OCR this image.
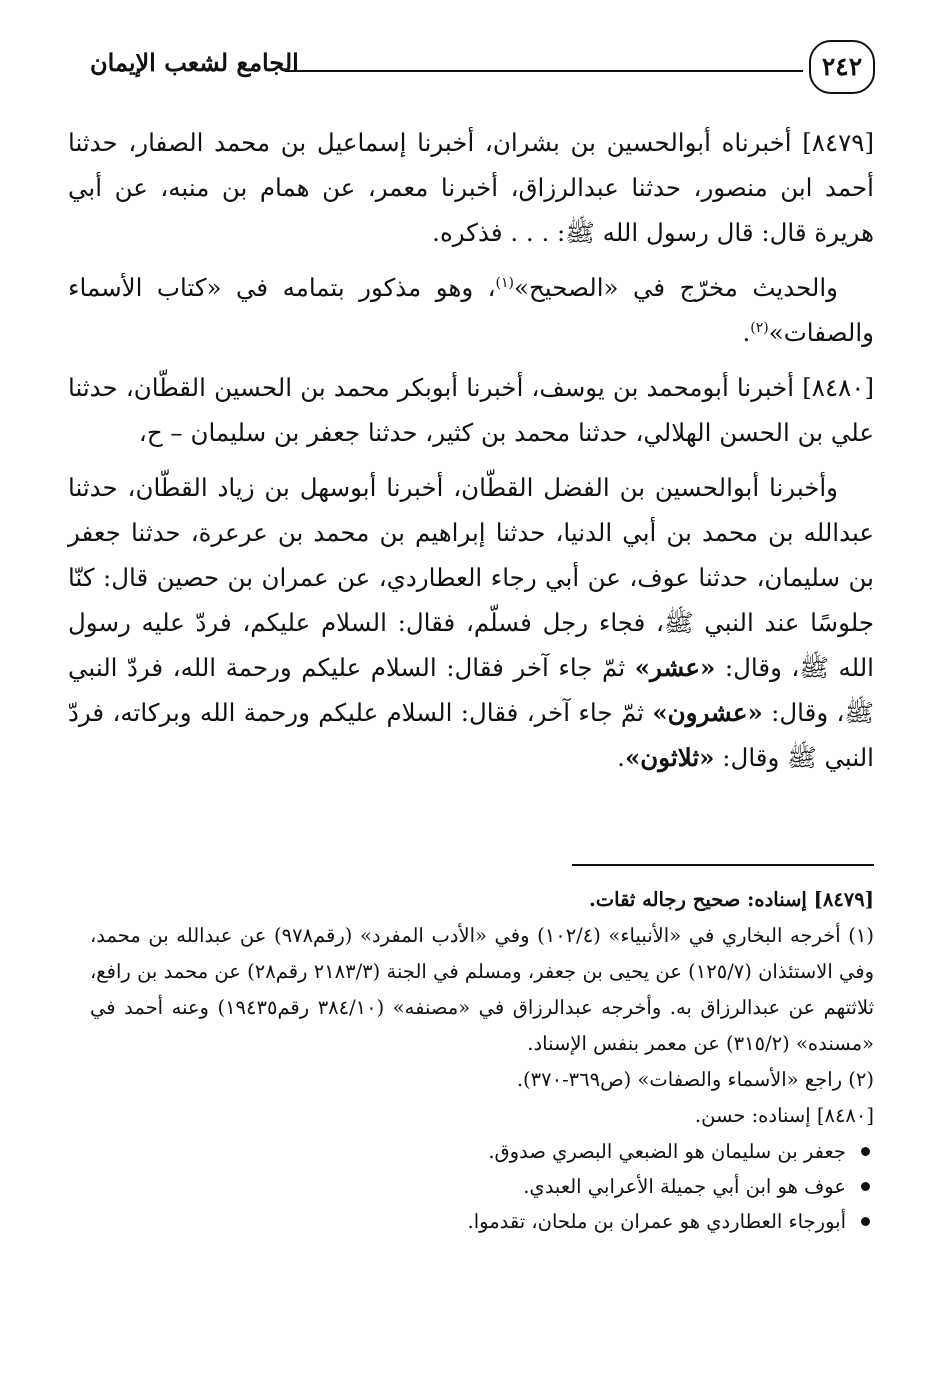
الجامع لشعب الإيمان	٢٤٢

[٨٤٧٩] أخبرناه أبوالحسين بن بشران، أخبرنا إسماعيل بن محمد الصفار، حدثنا أحمد ابن منصور، حدثنا عبدالرزاق، أخبرنا معمر، عن همام بن منبه، عن أبي هريرة قال: قال رسول الله ﷺ: . . . فذكره.

والحديث مخرّج في «الصحيح»$^{(١)}$، وهو مذكور بتمامه في «كتاب الأسماء والصفات»$^{(٢)}$.

[٨٤٨٠] أخبرنا أبومحمد بن يوسف، أخبرنا أبوبكر محمد بن الحسين القطّان، حدثنا علي بن الحسن الهلالي، حدثنا محمد بن كثير، حدثنا جعفر بن سليمان – ح،

وأخبرنا أبوالحسين بن الفضل القطّان، أخبرنا أبوسهل بن زياد القطّان، حدثنا عبدالله بن محمد بن أبي الدنيا، حدثنا إبراهيم بن محمد بن عرعرة، حدثنا جعفر بن سليمان، حدثنا عوف، عن أبي رجاء العطاردي، عن عمران بن حصين قال: كنّا جلوسًا عند النبي ﷺ، فجاء رجل فسلّم، فقال: السلام عليكم، فردّ عليه رسول الله ﷺ، وقال: «عشر» ثمّ جاء آخر فقال: السلام عليكم ورحمة الله، فردّ النبي ﷺ، وقال: «عشرون» ثمّ جاء آخر، فقال: السلام عليكم ورحمة الله وبركاته، فردّ النبي ﷺ وقال: «ثلاثون».

[٨٤٧٩] إسناده: صحيح رجاله ثقات.

(١) أخرجه البخاري في «الأنبياء» (١٠٢/٤) وفي «الأدب المفرد» (رقم٩٧٨) عن عبدالله بن محمد، وفي الاستئذان (١٢٥/٧) عن يحيى بن جعفر، ومسلم في الجنة (٢١٨٣/٣ رقم٢٨) عن محمد بن رافع، ثلاثتهم عن عبدالرزاق به. وأخرجه عبدالرزاق في «مصنفه» (٣٨٤/١٠ رقم١٩٤٣٥) وعنه أحمد في «مسنده» (٣١٥/٢) عن معمر بنفس الإسناد.

(٢) راجع «الأسماء والصفات» (ص٣٦٩-٣٧٠).

[٨٤٨٠] إسناده: حسن.

جعفر بن سليمان هو الضبعي البصري صدوق.
عوف هو ابن أبي جميلة الأعرابي العبدي.
أبورجاء العطاردي هو عمران بن ملحان، تقدموا.
